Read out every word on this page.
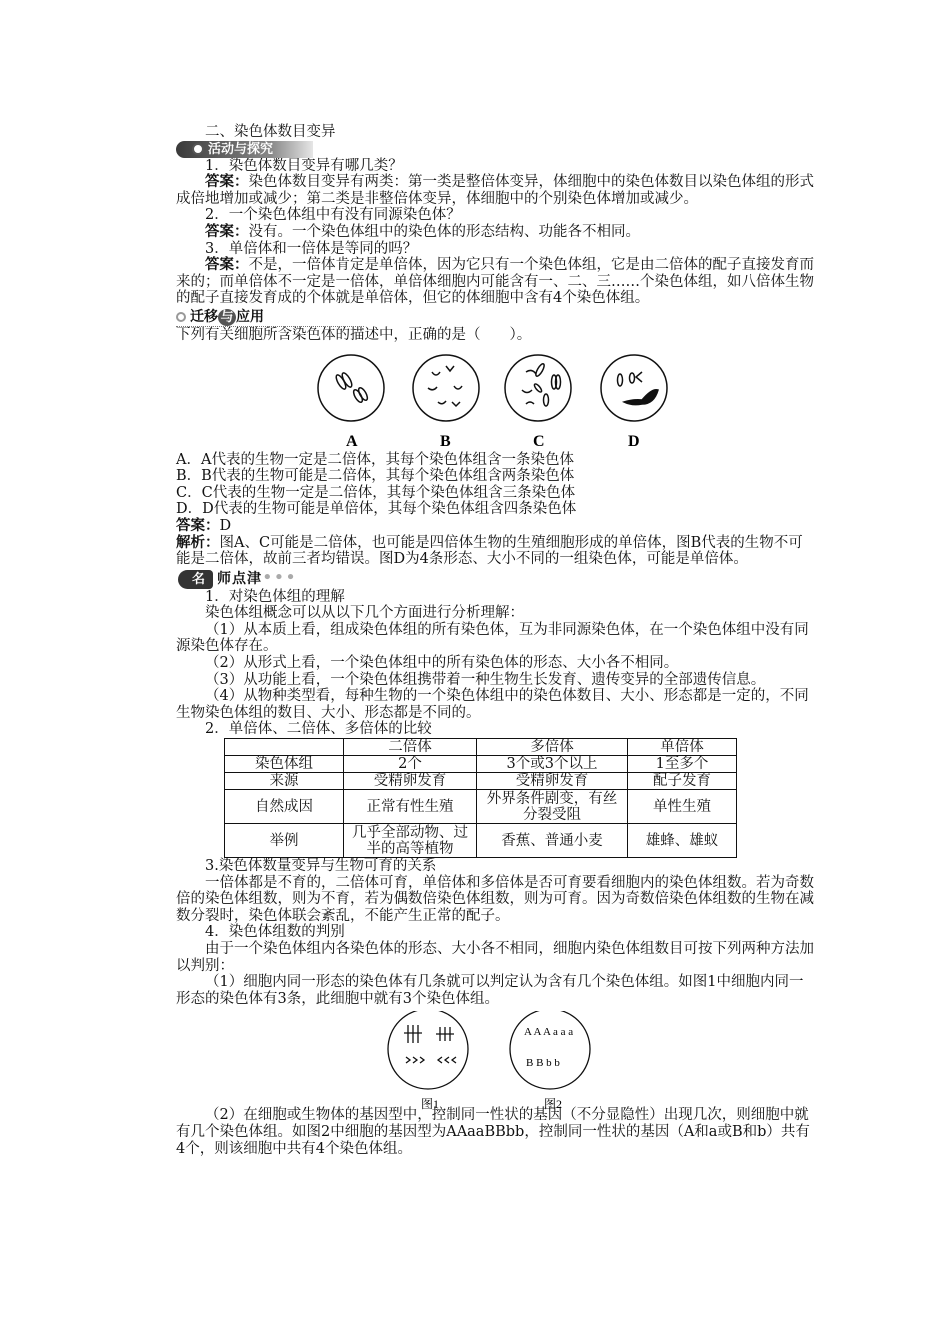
二、染色体数目变异

活动与探究

1．染色体数目变异有哪几类？

答案：染色体数目变异有两类：第一类是整倍体变异，体细胞中的染色体数目以染色体组的形式成倍地增加或减少；第二类是非整倍体变异，体细胞中的个别染色体增加或减少。

2．一个染色体组中有没有同源染色体？

答案：没有。一个染色体组中的染色体的形态结构、功能各不相同。

3．单倍体和一倍体是等同的吗？

答案：不是，一倍体肯定是单倍体，因为它只有一个染色体组，它是由二倍体的配子直接发育而来的；而单倍体不一定是一倍体，单倍体细胞内可能含有一、二、三……个染色体组，如八倍体生物的配子直接发育成的个体就是单倍体，但它的体细胞中含有4个染色体组。

迁移 与 应用

下列有关细胞所含染色体的描述中，正确的是（　　）。

A	B	C	D

A．A代表的生物一定是二倍体，其每个染色体组含一条染色体

B．B代表的生物可能是二倍体，其每个染色体组含两条染色体

C．C代表的生物一定是二倍体，其每个染色体组含三条染色体

D．D代表的生物可能是单倍体，其每个染色体组含四条染色体

答案：D

解析：图A、C可能是二倍体，也可能是四倍体生物的生殖细胞形成的单倍体，图B代表的生物不可能是二倍体，故前三者均错误。图D为4条形态、大小不同的一组染色体，可能是单倍体。

名 师点津•••

1．对染色体组的理解

染色体组概念可以从以下几个方面进行分析理解：

（1）从本质上看，组成染色体组的所有染色体，互为非同源染色体，在一个染色体组中没有同源染色体存在。

（2）从形式上看，一个染色体组中的所有染色体的形态、大小各不相同。

（3）从功能上看，一个染色体组携带着一种生物生长发育、遗传变异的全部遗传信息。

（4）从物种类型看，每种生物的一个染色体组中的染色体数目、大小、形态都是一定的，不同生物染色体组的数目、大小、形态都是不同的。

2．单倍体、二倍体、多倍体的比较

	二倍体	多倍体	单倍体
染色体组	2个	3个或3个以上	1至多个
来源	受精卵发育	受精卵发育	配子发育
自然成因	正常有性生殖	外界条件剧变，有丝分裂受阻	单性生殖
举例	几乎全部动物、过半的高等植物	香蕉、普通小麦	雄蜂、雄蚁

3.染色体数量变异与生物可育的关系

一倍体都是不育的，二倍体可育，单倍体和多倍体是否可育要看细胞内的染色体组数。若为奇数倍的染色体组数，则为不育，若为偶数倍染色体组数，则为可育。因为奇数倍染色体组数的生物在减数分裂时，染色体联会紊乱，不能产生正常的配子。

4．染色体组数的判别

由于一个染色体组内各染色体的形态、大小各不相同，细胞内染色体组数目可按下列两种方法加以判别：

（1）细胞内同一形态的染色体有几条就可以判定认为含有几个染色体组。如图1中细胞内同一形态的染色体有3条，此细胞中就有3个染色体组。

A A A a a a
B B b b
图1	图2

（2）在细胞或生物体的基因型中，控制同一性状的基因（不分显隐性）出现几次，则细胞中就有几个染色体组。如图2中细胞的基因型为AAaaBBbb，控制同一性状的基因（A和a或B和b）共有4个，则该细胞中共有4个染色体组。
